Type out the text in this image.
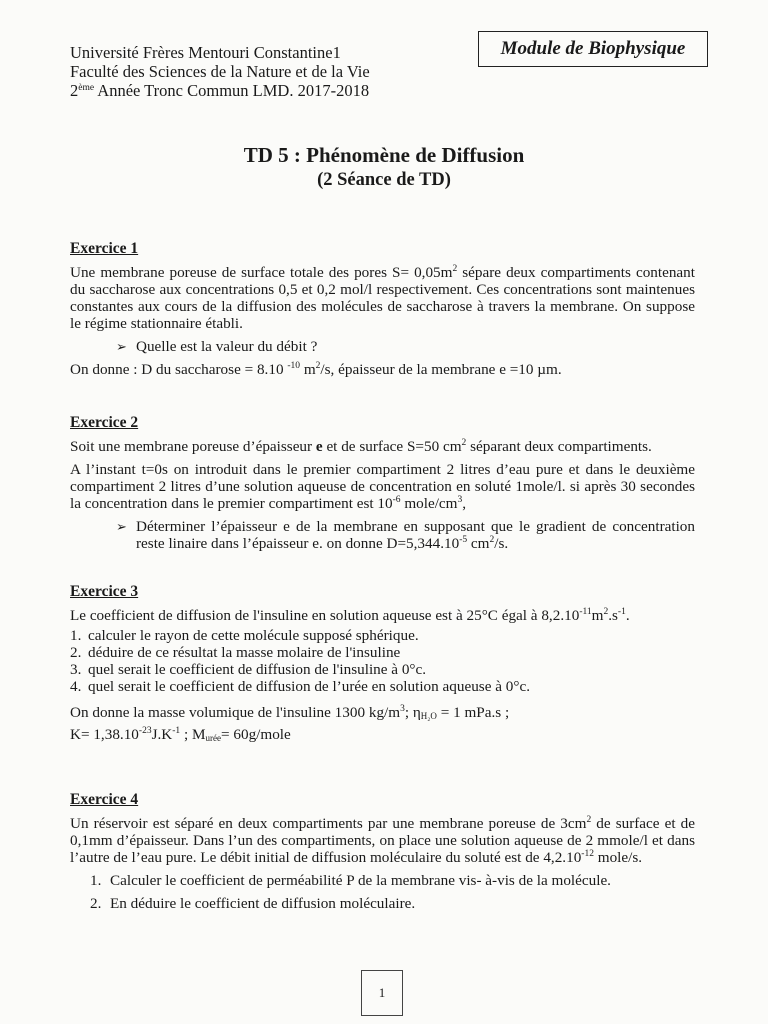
Université Frères Mentouri Constantine1
Faculté des Sciences de la Nature et de la Vie
2ème Année Tronc Commun LMD. 2017-2018
Module de Biophysique
TD 5 : Phénomène de Diffusion
(2 Séance de TD)
Exercice 1

Une membrane poreuse de surface totale des pores $S= 0,05m^2$ sépare deux compartiments contenant du saccharose aux concentrations 0,5 et 0,2 mol/l respectivement. Ces concentrations sont maintenues constantes aux cours de la diffusion des molécules de saccharose à travers la membrane. On suppose le régime stationnaire établi.

➢ Quelle est la valeur du débit ?

On donne : D du saccharose = 8.10 $^{-10}$ $m^2/s$, épaisseur de la membrane e =10 µm.

Exercice 2

Soit une membrane poreuse d’épaisseur e et de surface S=50 $cm^2$ séparant deux compartiments.

A l’instant t=0s on introduit dans le premier compartiment 2 litres d’eau pure et dans le deuxième compartiment 2 litres d’une solution aqueuse de concentration en soluté 1mole/l. si après 30 secondes la concentration dans le premier compartiment est $10^{-6}$ mole/$cm^3$,

➢ Déterminer l’épaisseur e de la membrane en supposant que le gradient de concentration reste linaire dans l’épaisseur e. on donne $D=5,344.10^{-5}$ $cm^2/s$.
Exercice 3

Le coefficient de diffusion de l'insuline en solution aqueuse est à 25°C égal à $8,2.10^{-11}m^2.s^{-1}$.

1. calculer le rayon de cette molécule supposé sphérique.
2. déduire de ce résultat la masse molaire de l'insuline
3. quel serait le coefficient de diffusion de l'insuline à 0°c.
4. quel serait le coefficient de diffusion de l’urée en solution aqueuse à 0°c.

On donne la masse volumique de l'insuline 1300 $kg/m^3$; $\eta_{H_2O} = 1$ mPa.s ;

$K= 1,38.10^{-23}J.K^{-1}$ ; $M_{urée}=$ 60g/mole

Exercice 4

Un réservoir est séparé en deux compartiments par une membrane poreuse de $3cm^2$ de surface et de 0,1mm d’épaisseur. Dans l’un des compartiments, on place une solution aqueuse de 2 mmole/l et dans l’autre de l’eau pure. Le débit initial de diffusion moléculaire du soluté est de $4,2.10^{-12}$ mole/s.

1. Calculer le coefficient de perméabilité P de la membrane vis- à-vis de la molécule.
2. En déduire le coefficient de diffusion moléculaire.
1
